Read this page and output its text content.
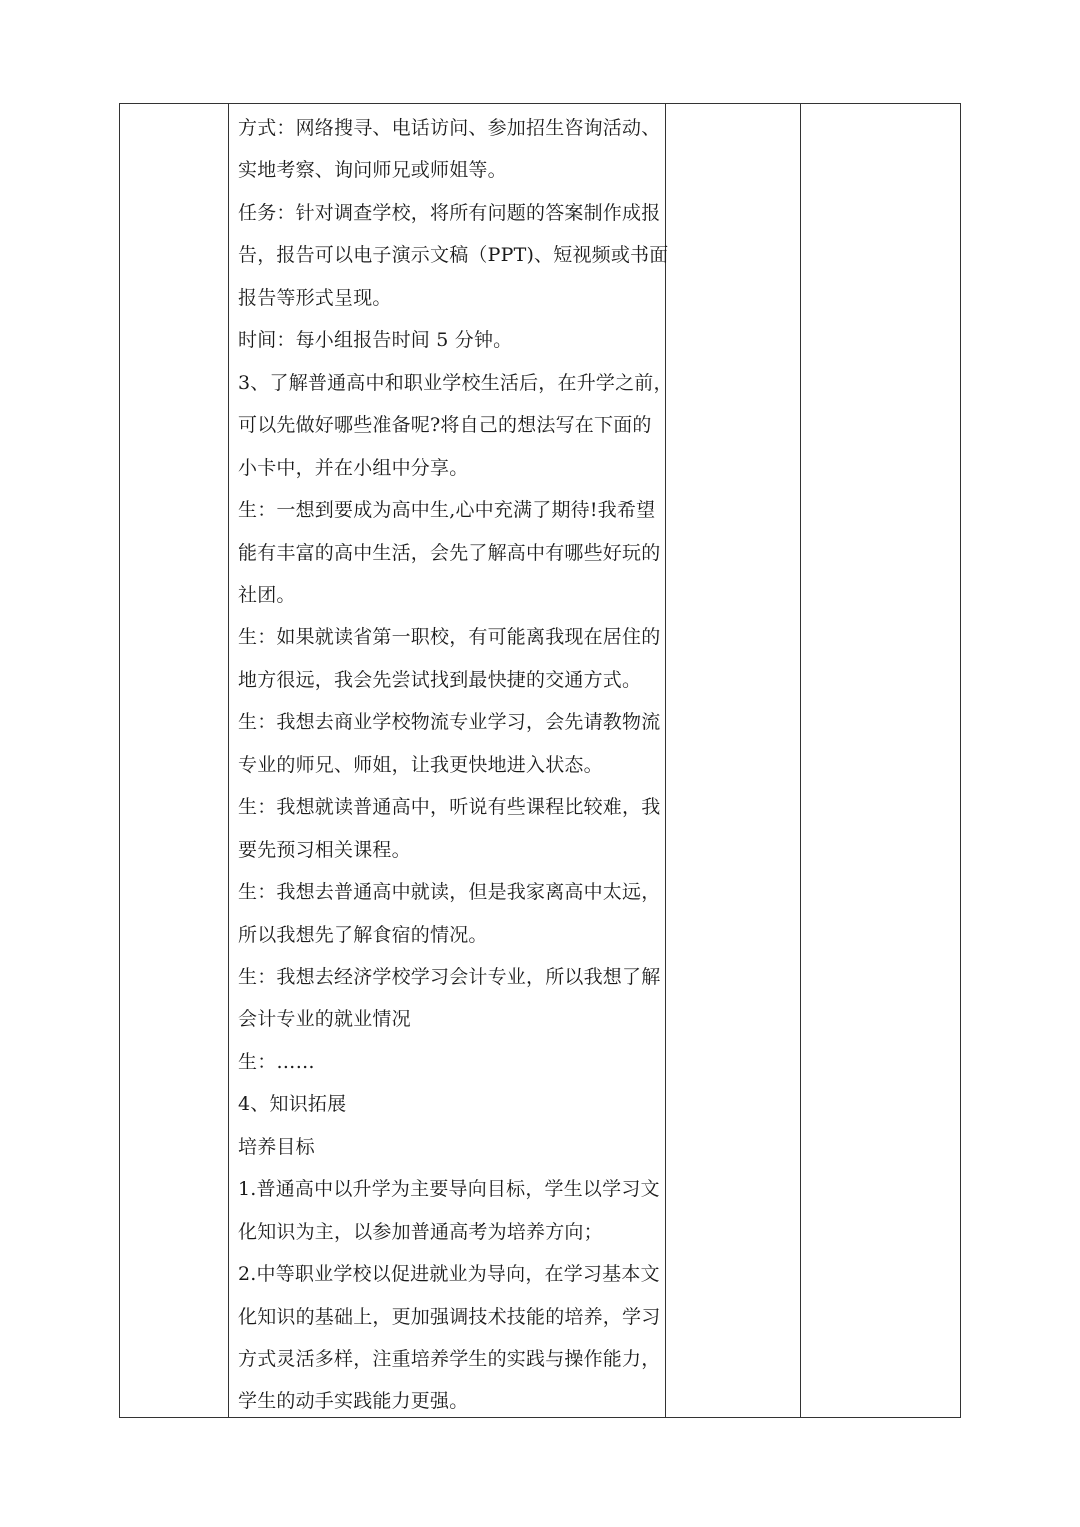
方式：网络搜寻、电话访问、参加招生咨询活动、
实地考察、询问师兄或师姐等。
任务：针对调查学校，将所有问题的答案制作成报
告，报告可以电子演示文稿（PPT)、短视频或书面
报告等形式呈现。
时间：每小组报告时间 5 分钟。
3、了解普通高中和职业学校生活后，在升学之前，
可以先做好哪些准备呢?将自己的想法写在下面的
小卡中，并在小组中分享。
生：一想到要成为高中生,心中充满了期待!我希望
能有丰富的高中生活，会先了解高中有哪些好玩的
社团。
生：如果就读省第一职校，有可能离我现在居住的
地方很远，我会先尝试找到最快捷的交通方式。
生：我想去商业学校物流专业学习，会先请教物流
专业的师兄、师姐，让我更快地进入状态。
生：我想就读普通高中，听说有些课程比较难，我
要先预习相关课程。
生：我想去普通高中就读，但是我家离高中太远，
所以我想先了解食宿的情况。
生：我想去经济学校学习会计专业，所以我想了解
会计专业的就业情况
生：……
4、知识拓展
培养目标
1.普通高中以升学为主要导向目标，学生以学习文
化知识为主，以参加普通高考为培养方向；
2.中等职业学校以促进就业为导向，在学习基本文
化知识的基础上，更加强调技术技能的培养，学习
方式灵活多样，注重培养学生的实践与操作能力，
学生的动手实践能力更强。
